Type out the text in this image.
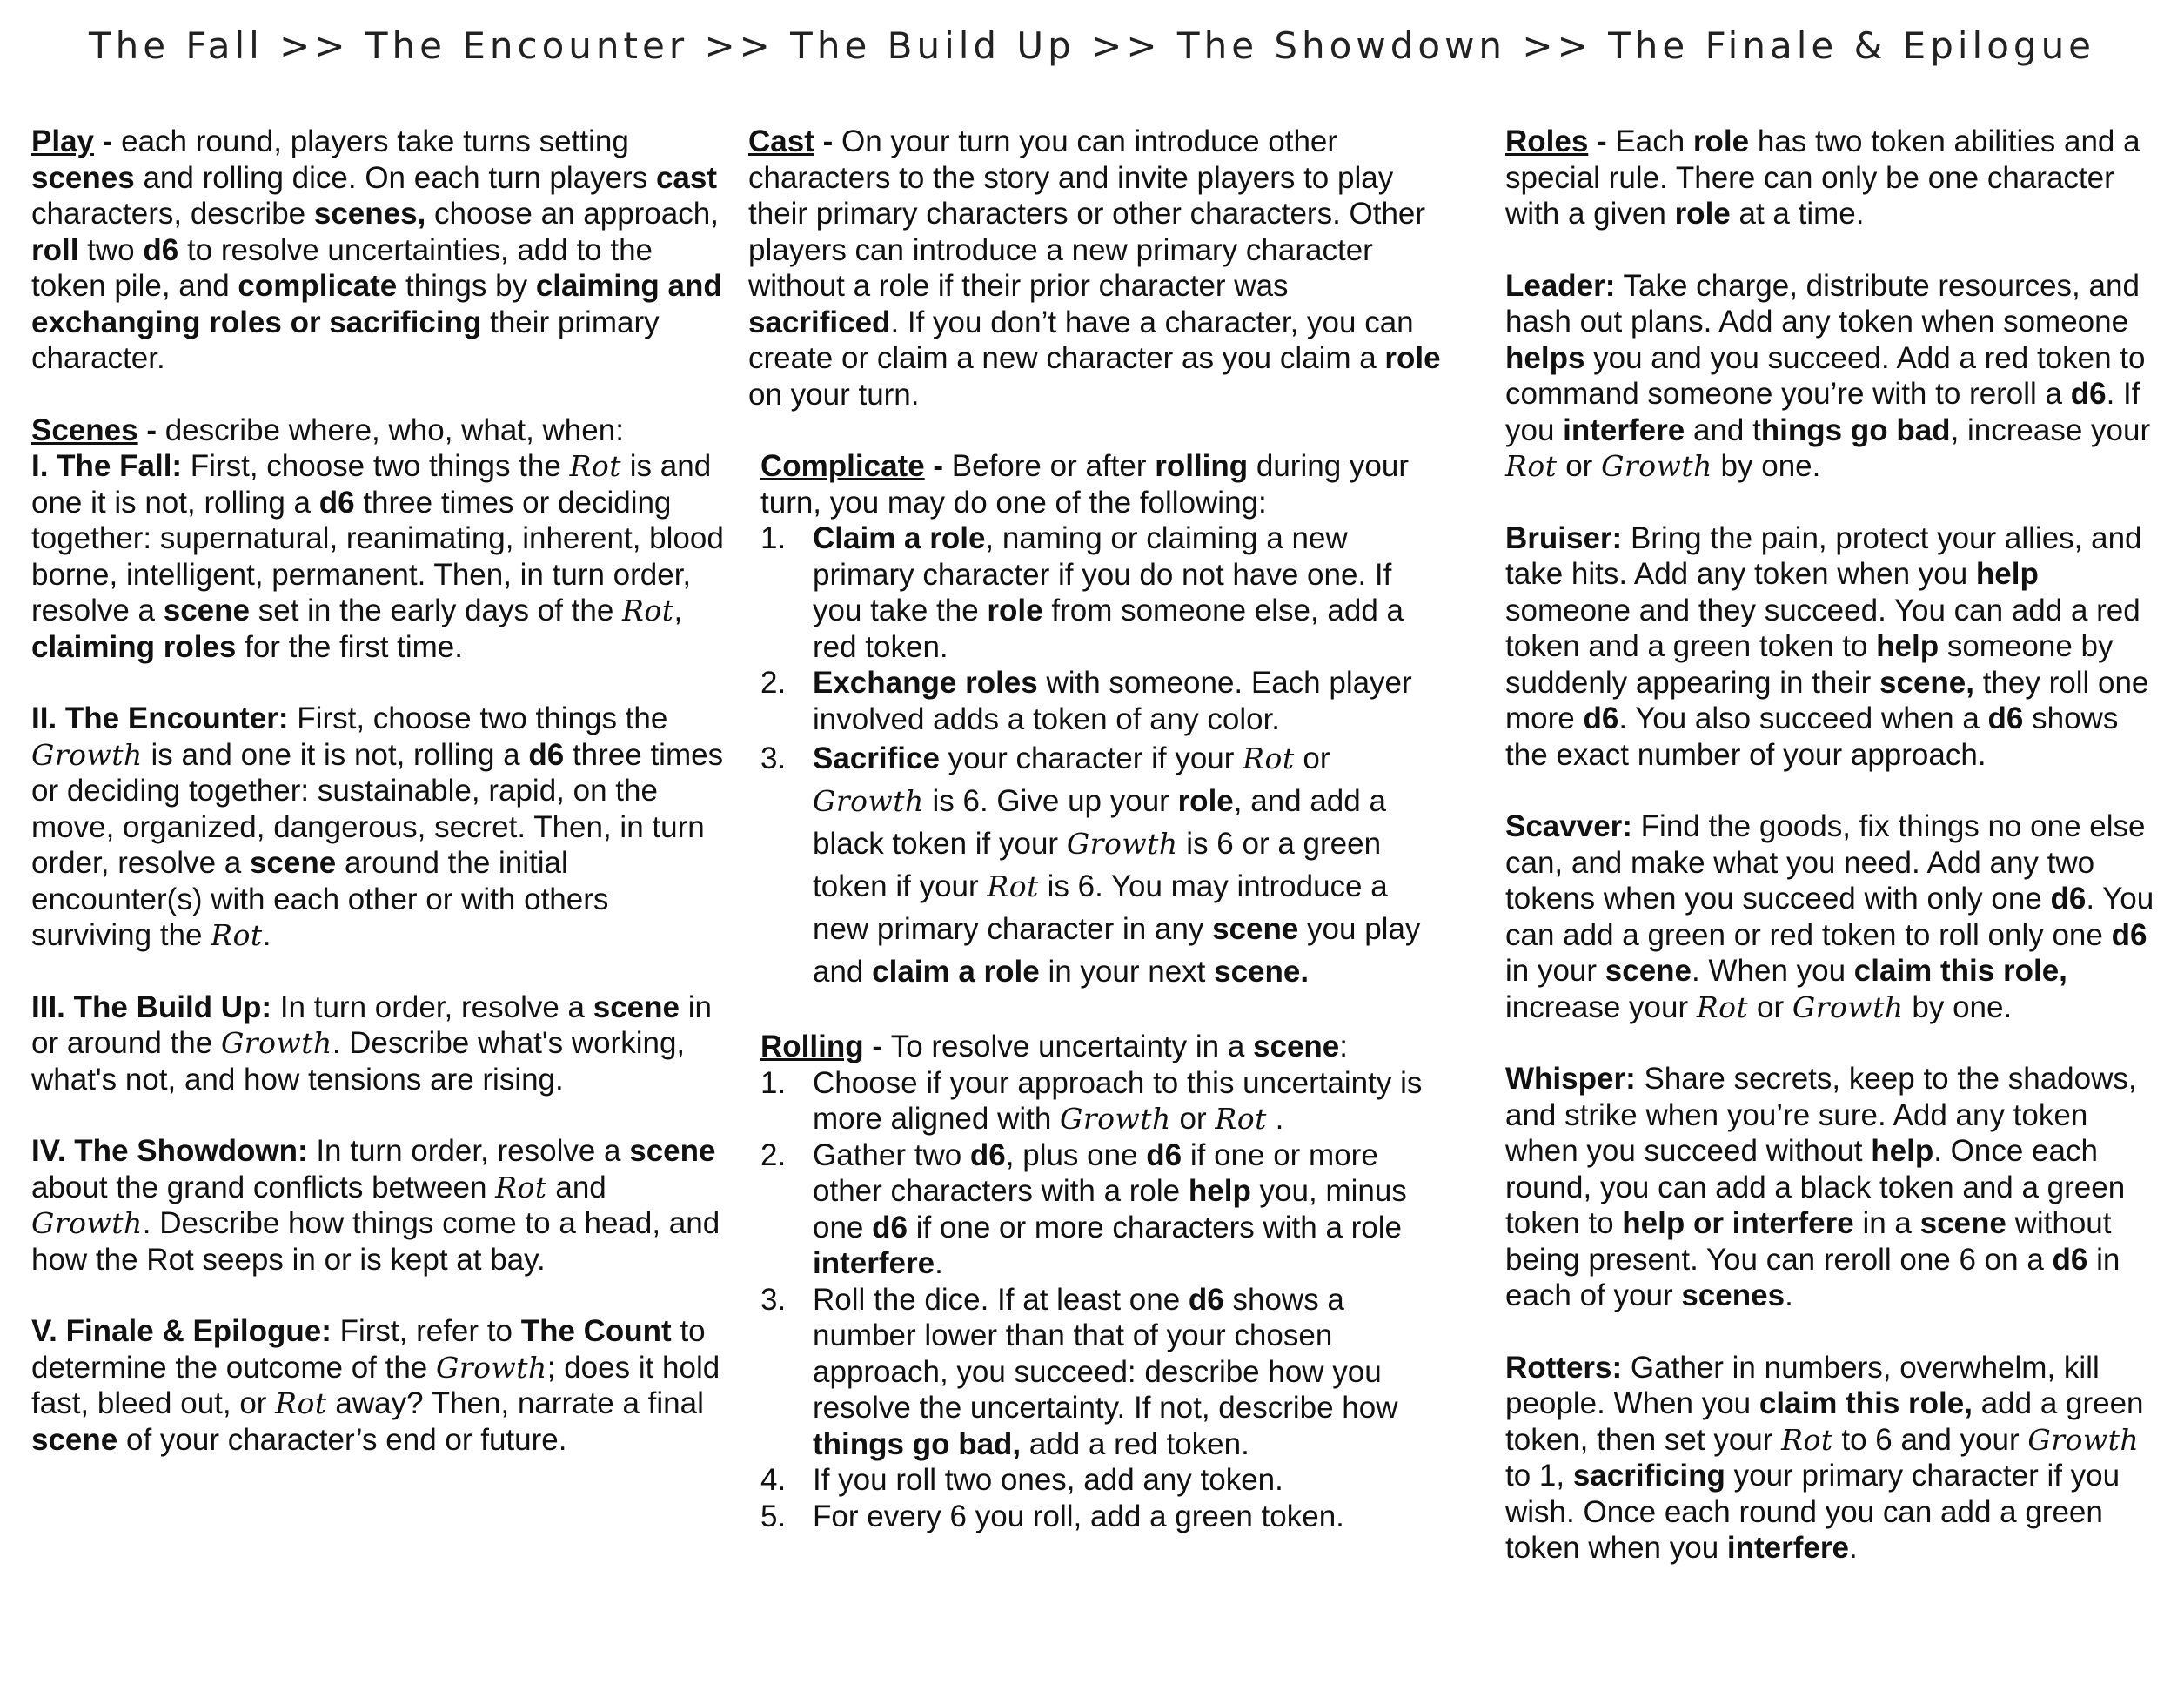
The Fall >> The Encounter >> The Build Up >> The Showdown >> The Finale & Epilogue

Play - each round, players take turns setting scenes and rolling dice. On each turn players cast characters, describe scenes, choose an approach, roll two d6 to resolve uncertainties, add to the token pile, and complicate things by claiming and exchanging roles or sacrificing their primary character.

Scenes - describe where, who, what, when:

I. The Fall: First, choose two things the Rot is and one it is not, rolling a d6 three times or deciding together: supernatural, reanimating, inherent, blood borne, intelligent, permanent. Then, in turn order, resolve a scene set in the early days of the Rot, claiming roles for the first time.

II. The Encounter: First, choose two things the Growth is and one it is not, rolling a d6 three times or deciding together: sustainable, rapid, on the move, organized, dangerous, secret. Then, in turn order, resolve a scene around the initial encounter(s) with each other or with others surviving the Rot.

III. The Build Up: In turn order, resolve a scene in or around the Growth. Describe what's working, what's not, and how tensions are rising.

IV. The Showdown: In turn order, resolve a scene about the grand conflicts between Rot and Growth. Describe how things come to a head, and how the Rot seeps in or is kept at bay.

V. Finale & Epilogue: First, refer to The Count to determine the outcome of the Growth; does it hold fast, bleed out, or Rot away? Then, narrate a final scene of your character’s end or future.

Cast - On your turn you can introduce other characters to the story and invite players to play their primary characters or other characters. Other players can introduce a new primary character without a role if their prior character was sacrificed. If you don’t have a character, you can create or claim a new character as you claim a role on your turn.

Complicate - Before or after rolling during your turn, you may do one of the following:

1. Claim a role, naming or claiming a new primary character if you do not have one. If you take the role from someone else, add a red token.
2. Exchange roles with someone. Each player involved adds a token of any color.
3. Sacrifice your character if your Rot or Growth is 6. Give up your role, and add a black token if your Growth is 6 or a green token if your Rot is 6. You may introduce a new primary character in any scene you play and claim a role in your next scene.

Rolling - To resolve uncertainty in a scene:

1. Choose if your approach to this uncertainty is more aligned with Growth or Rot .
2. Gather two d6, plus one d6 if one or more other characters with a role help you, minus one d6 if one or more characters with a role interfere.
3. Roll the dice. If at least one d6 shows a number lower than that of your chosen approach, you succeed: describe how you resolve the uncertainty. If not, describe how things go bad, add a red token.
4. If you roll two ones, add any token.
5. For every 6 you roll, add a green token.

Roles - Each role has two token abilities and a special rule. There can only be one character with a given role at a time.

Leader: Take charge, distribute resources, and hash out plans. Add any token when someone helps you and you succeed. Add a red token to command someone you’re with to reroll a d6. If you interfere and things go bad, increase your Rot or Growth by one.

Bruiser: Bring the pain, protect your allies, and take hits. Add any token when you help someone and they succeed. You can add a red token and a green token to help someone by suddenly appearing in their scene, they roll one more d6. You also succeed when a d6 shows the exact number of your approach.

Scavver: Find the goods, fix things no one else can, and make what you need. Add any two tokens when you succeed with only one d6. You can add a green or red token to roll only one d6 in your scene. When you claim this role, increase your Rot or Growth by one.

Whisper: Share secrets, keep to the shadows, and strike when you’re sure. Add any token when you succeed without help. Once each round, you can add a black token and a green token to help or interfere in a scene without being present. You can reroll one 6 on a d6 in each of your scenes.

Rotters: Gather in numbers, overwhelm, kill people. When you claim this role, add a green token, then set your Rot to 6 and your Growth to 1, sacrificing your primary character if you wish. Once each round you can add a green token when you interfere.
